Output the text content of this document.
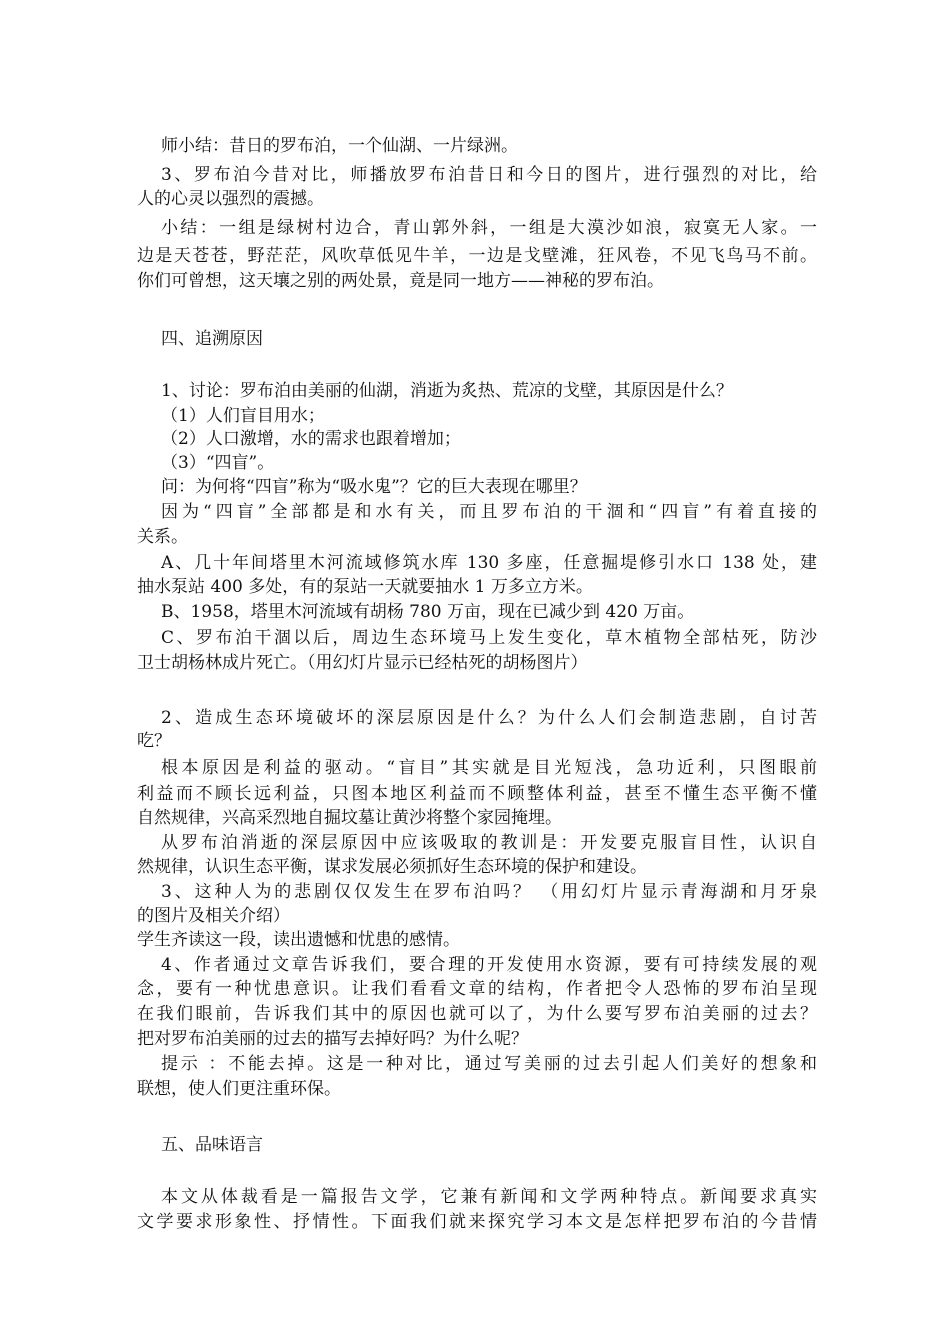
师小结：昔日的罗布泊，一个仙湖、一片绿洲。
3、罗布泊今昔对比，师播放罗布泊昔日和今日的图片，进行强烈的对比，给
人的心灵以强烈的震撼。
小结：一组是绿树村边合，青山郭外斜，一组是大漠沙如浪，寂寞无人家。一
边是天苍苍，野茫茫，风吹草低见牛羊，一边是戈壁滩，狂风卷，不见飞鸟马不前。
你们可曾想，这天壤之别的两处景，竟是同一地方——神秘的罗布泊。
四、追溯原因
1、讨论：罗布泊由美丽的仙湖，消逝为炙热、荒凉的戈壁，其原因是什么？
（1）人们盲目用水；
（2）人口激增，水的需求也跟着增加；
（3）“四盲”。
问：为何将“四盲”称为“吸水鬼”？它的巨大表现在哪里？
因为“四盲”全部都是和水有关，而且罗布泊的干涸和“四盲”有着直接的
关系。
A、几十年间塔里木河流域修筑水库 130 多座，任意掘堤修引水口 138 处，建
抽水泵站 400 多处，有的泵站一天就要抽水 1 万多立方米。
B、1958，塔里木河流域有胡杨 780 万亩，现在已减少到 420 万亩。
C、罗布泊干涸以后，周边生态环境马上发生变化，草木植物全部枯死，防沙
卫士胡杨林成片死亡。（用幻灯片显示已经枯死的胡杨图片）
2、造成生态环境破坏的深层原因是什么？为什么人们会制造悲剧，自讨苦
吃？
根本原因是利益的驱动。“盲目”其实就是目光短浅，急功近利，只图眼前
利益而不顾长远利益，只图本地区利益而不顾整体利益，甚至不懂生态平衡不懂
自然规律，兴高采烈地自掘坟墓让黄沙将整个家园掩埋。
从罗布泊消逝的深层原因中应该吸取的教训是：开发要克服盲目性，认识自
然规律，认识生态平衡，谋求发展必须抓好生态环境的保护和建设。
3、这种人为的悲剧仅仅发生在罗布泊吗？ （用幻灯片显示青海湖和月牙泉
的图片及相关介绍）
学生齐读这一段，读出遗憾和忧患的感情。
4、作者通过文章告诉我们，要合理的开发使用水资源，要有可持续发展的观
念，要有一种忧患意识。让我们看看文章的结构，作者把令人恐怖的罗布泊呈现
在我们眼前，告诉我们其中的原因也就可以了，为什么要写罗布泊美丽的过去？
把对罗布泊美丽的过去的描写去掉好吗？为什么呢？
提示 ：不能去掉。这是一种对比，通过写美丽的过去引起人们美好的想象和
联想，使人们更注重环保。
五、品味语言
本文从体裁看是一篇报告文学，它兼有新闻和文学两种特点。新闻要求真实
文学要求形象性、抒情性。下面我们就来探究学习本文是怎样把罗布泊的今昔情
